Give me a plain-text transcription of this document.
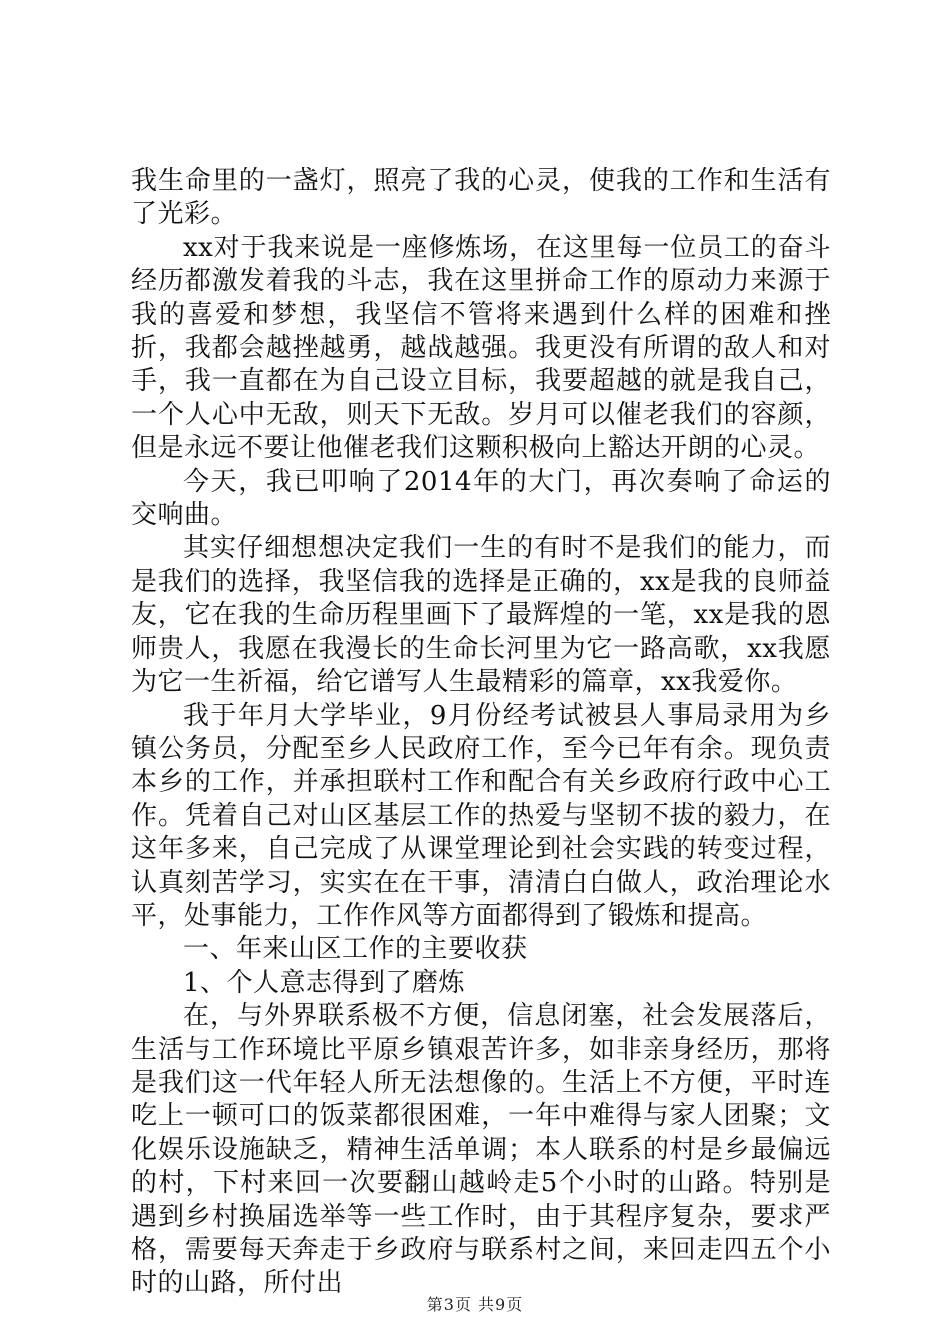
我生命里的一盏灯，照亮了我的心灵，使我的工作和生活有了光彩。

xx对于我来说是一座修炼场，在这里每一位员工的奋斗经历都激发着我的斗志，我在这里拼命工作的原动力来源于我的喜爱和梦想，我坚信不管将来遇到什么样的困难和挫折，我都会越挫越勇，越战越强。我更没有所谓的敌人和对手，我一直都在为自己设立目标，我要超越的就是我自己，一个人心中无敌，则天下无敌。岁月可以催老我们的容颜，但是永远不要让他催老我们这颗积极向上豁达开朗的心灵。

今天，我已叩响了2014年的大门，再次奏响了命运的交响曲。

其实仔细想想决定我们一生的有时不是我们的能力，而是我们的选择，我坚信我的选择是正确的，xx是我的良师益友，它在我的生命历程里画下了最辉煌的一笔，xx是我的恩师贵人，我愿在我漫长的生命长河里为它一路高歌，xx我愿为它一生祈福，给它谱写人生最精彩的篇章，xx我爱你。

我于年月大学毕业，9月份经考试被县人事局录用为乡镇公务员，分配至乡人民政府工作，至今已年有余。现负责本乡的工作，并承担联村工作和配合有关乡政府行政中心工作。凭着自己对山区基层工作的热爱与坚韧不拔的毅力，在这年多来，自己完成了从课堂理论到社会实践的转变过程，认真刻苦学习，实实在在干事，清清白白做人，政治理论水平，处事能力，工作作风等方面都得到了锻炼和提高。

一、年来山区工作的主要收获

1、个人意志得到了磨炼

在，与外界联系极不方便，信息闭塞，社会发展落后，生活与工作环境比平原乡镇艰苦许多，如非亲身经历，那将是我们这一代年轻人所无法想像的。生活上不方便，平时连吃上一顿可口的饭菜都很困难，一年中难得与家人团聚；文化娱乐设施缺乏，精神生活单调；本人联系的村是乡最偏远的村，下村来回一次要翻山越岭走5个小时的山路。特别是遇到乡村换届选举等一些工作时，由于其程序复杂，要求严格，需要每天奔走于乡政府与联系村之间，来回走四五个小时的山路，所付出

第3页 共9页
